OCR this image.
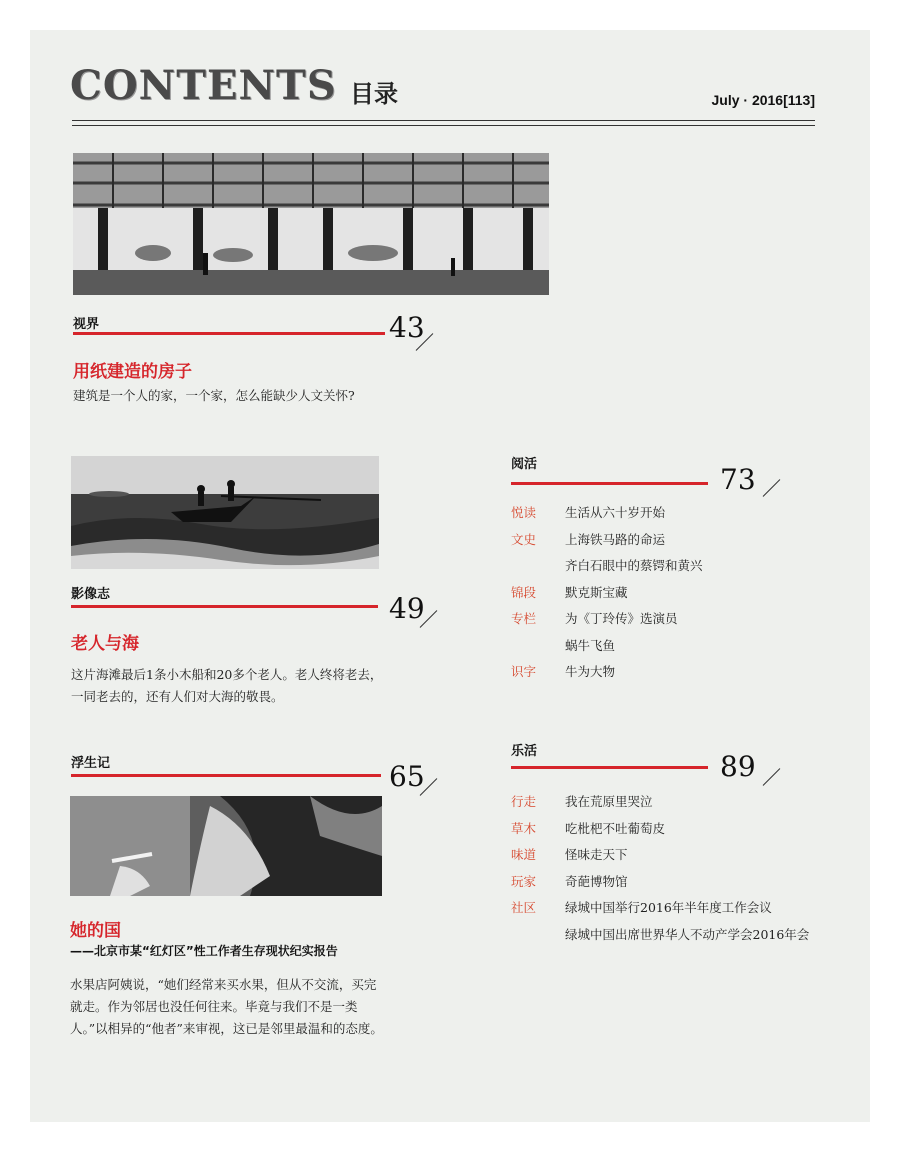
CONTENTS 目录	July · 2016[113]
视界	43
用纸建造的房子
建筑是一个人的家，一个家，怎么能缺少人文关怀?
影像志	49
老人与海
这片海滩最后1条小木船和20多个老人。老人终将老去，一同老去的，还有人们对大海的敬畏。
浮生记	65
她的国
——北京市某“红灯区”性工作者生存现状纪实报告
水果店阿姨说，“她们经常来买水果，但从不交流，买完就走。作为邻居也没任何往来。毕竟与我们不是一类人。”以相异的“他者”来审视，这已是邻里最温和的态度。
阅活	73
悦读 生活从六十岁开始
文史 上海铁马路的命运
齐白石眼中的蔡锷和黄兴
锦段 默克斯宝藏
专栏 为《丁玲传》选演员
蜗牛飞鱼
识字 牛为大物
乐活	89
行走 我在荒原里哭泣
草木 吃枇杷不吐葡萄皮
味道 怪味走天下
玩家 奇葩博物馆
社区 绿城中国举行2016年半年度工作会议
绿城中国出席世界华人不动产学会2016年会
